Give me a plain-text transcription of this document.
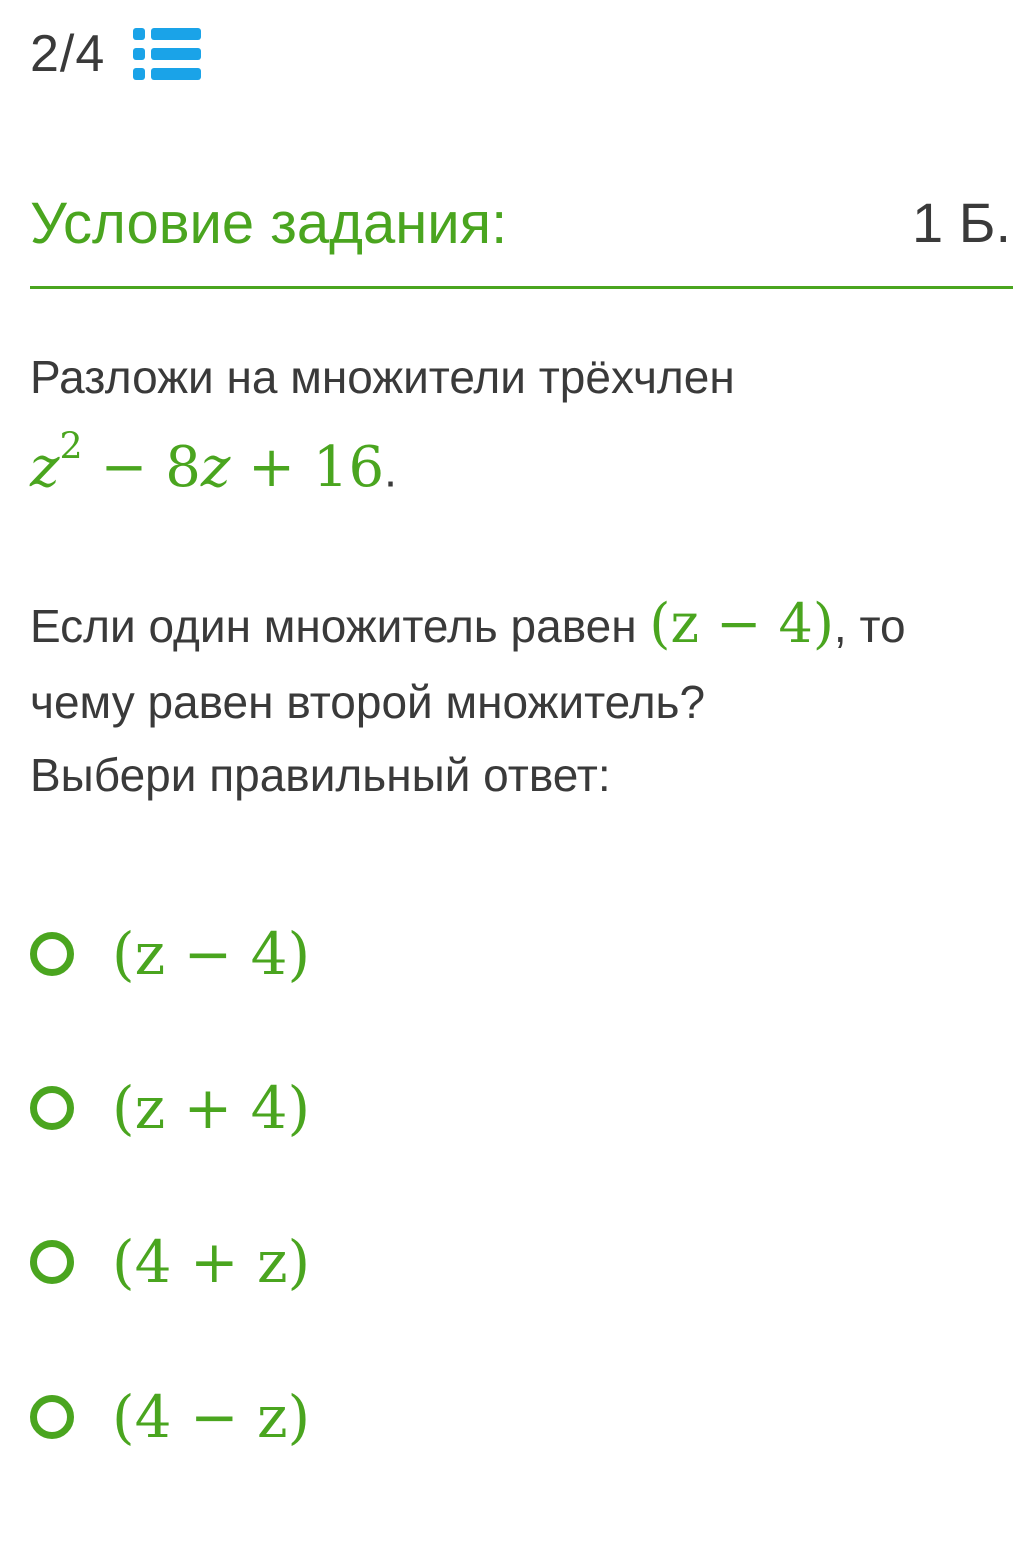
2/4
Условие задания:	1 Б.
Разложи на множители трёхчлен
$z^2 - 8z + 16$.
Если один множитель равен (z − 4), то
чему равен второй множитель?
Выбери правильный ответ:
(z − 4)
(z + 4)
(4 + z)
(4 − z)
